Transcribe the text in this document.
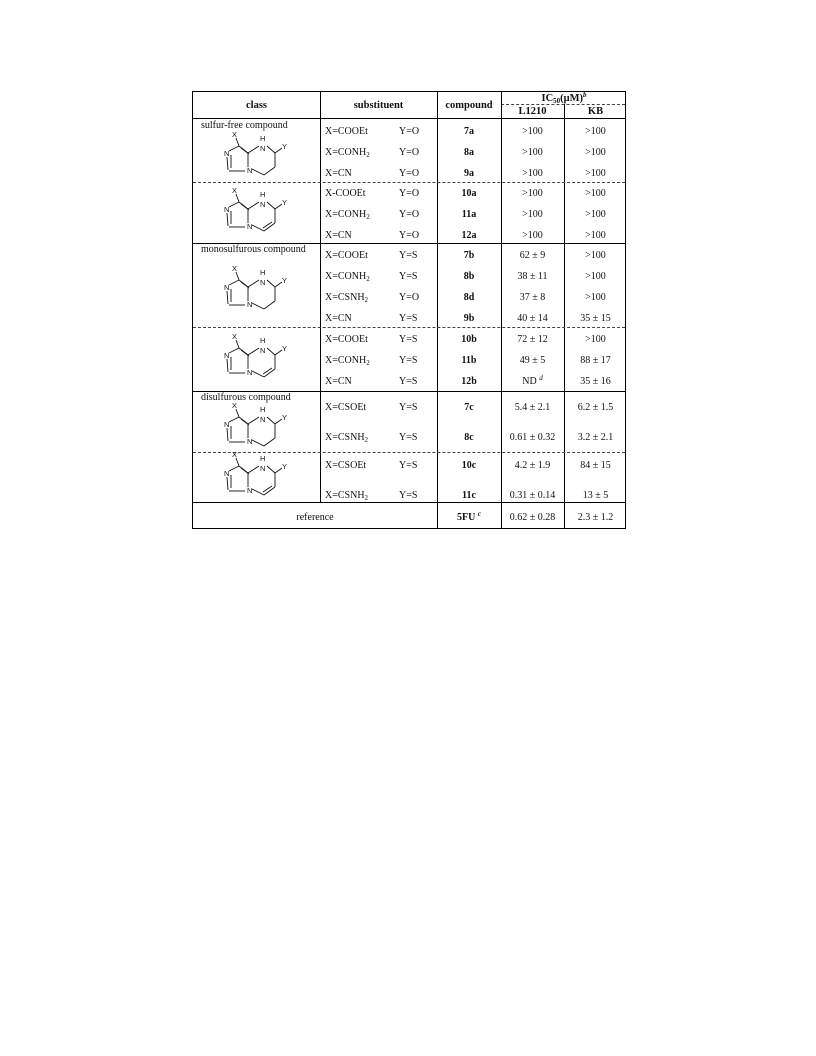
class	substituent	compound
$IC_{50}(\mu M)^b$
L1210	KB
sulfur-free compound
X=COOEt	Y=O	7a	>100	>100
$X=CONH_2$	Y=O	8a	>100	>100
X=CN	Y=O	9a	>100	>100
X-COOEt	Y=O	10a	>100	>100
$X=CONH_2$	Y=O	11a	>100	>100
X=CN	Y=O	12a	>100	>100
monosulfurous compound
X=COOEt	Y=S	7b	62 ± 9	>100
$X=CONH_2$	Y=S	8b	38 ± 11	>100
$X=CSNH_2$	Y=O	8d	37 ± 8	>100
X=CN	Y=S	9b	40 ± 14	35 ± 15
X=COOEt	Y=S	10b	72 ± 12	>100
$X=CONH_2$	Y=S	11b	49 ± 5	88 ± 17
X=CN	Y=S	12b	ND $^d$	35 ± 16
disulfurous compound
X=CSOEt	Y=S	7c	5.4 ± 2.1	6.2 ± 1.5
$X=CSNH_2$	Y=S	8c	0.61 ± 0.32	3.2 ± 2.1
X=CSOEt	Y=S	10c	4.2 ± 1.9	84 ± 15
$X=CSNH_2$	Y=S	11c	0.31 ± 0.14	13 ± 5
reference	5FU $^c$	0.62 ± 0.28	2.3 ± 1.2
N
N
N
H
X
Y
N
N
N
H
X
Y
N
N
N
H
X
Y
N
N
N
H
X
Y
N
N
N
H
X
Y
N
N
N
H
X
Y
